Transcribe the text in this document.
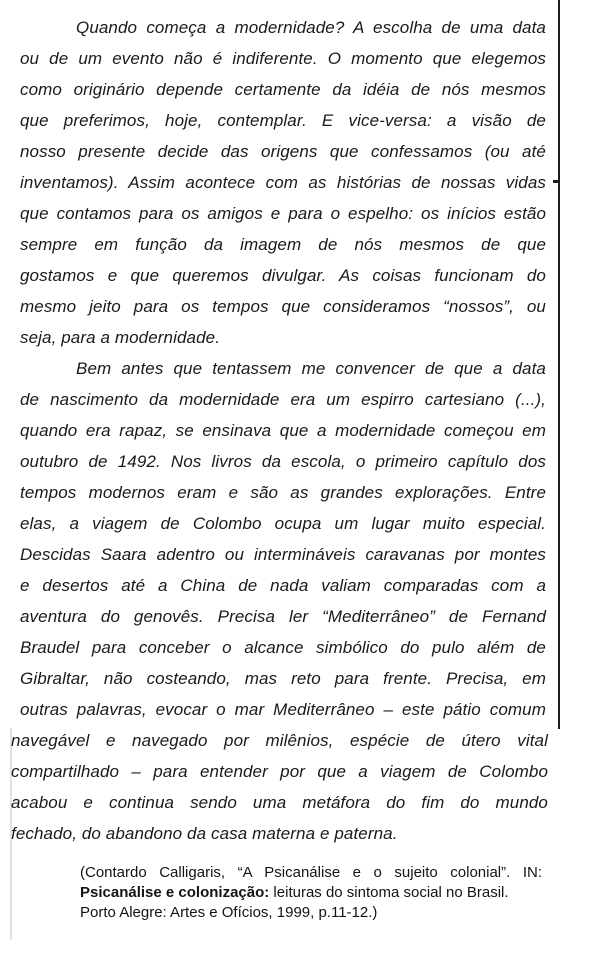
Quando começa a modernidade? A escolha de uma data
ou de um evento não é indiferente. O momento que elegemos
como originário depende certamente da idéia de nós mesmos
que preferimos, hoje, contemplar. E vice-versa: a visão de
nosso presente decide das origens que confessamos (ou até
inventamos). Assim acontece com as histórias de nossas vidas
que contamos para os amigos e para o espelho: os inícios estão
sempre em função da imagem de nós mesmos de que
gostamos e que queremos divulgar. As coisas funcionam do
mesmo jeito para os tempos que consideramos “nossos”, ou
seja, para a modernidade.
Bem antes que tentassem me convencer de que a data
de nascimento da modernidade era um espirro cartesiano (...),
quando era rapaz, se ensinava que a modernidade começou em
outubro de 1492. Nos livros da escola, o primeiro capítulo dos
tempos modernos eram e são as grandes explorações. Entre
elas, a viagem de Colombo ocupa um lugar muito especial.
Descidas Saara adentro ou intermináveis caravanas por montes
e desertos até a China de nada valiam comparadas com a
aventura do genovês. Precisa ler “Mediterrâneo” de Fernand
Braudel para conceber o alcance simbólico do pulo além de
Gibraltar, não costeando, mas reto para frente. Precisa, em
outras palavras, evocar o mar Mediterrâneo – este pátio comum
navegável e navegado por milênios, espécie de útero vital
compartilhado – para entender por que a viagem de Colombo
acabou e continua sendo uma metáfora do fim do mundo
fechado, do abandono da casa materna e paterna.
(Contardo Calligaris, “A Psicanálise e o sujeito colonial”. IN:
Psicanálise e colonização: leituras do sintoma social no Brasil.
Porto Alegre: Artes e Ofícios, 1999, p.11-12.)
